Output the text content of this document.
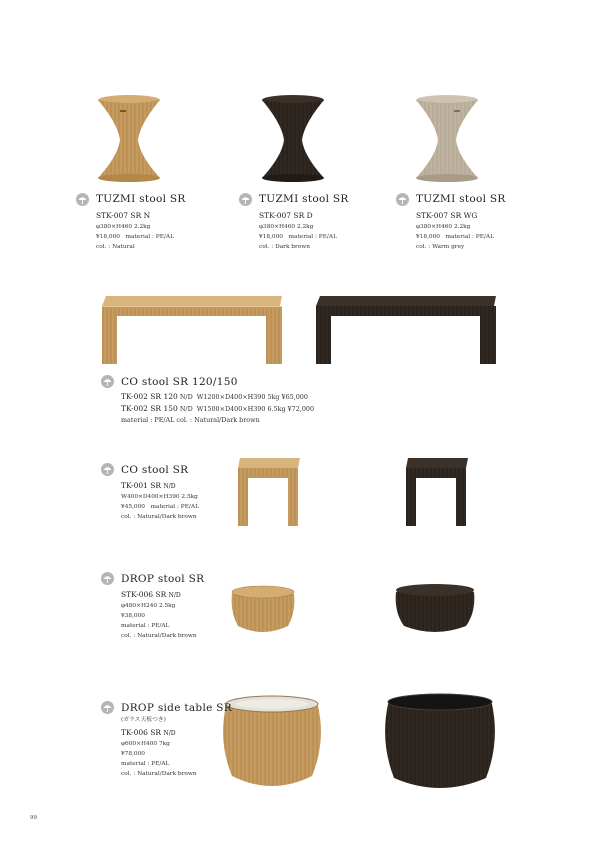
TUZMI stool SR
STK-007 SR N
φ380×H460 2.2kg
¥18,000 material : PE/AL
col. : Natural
TUZMI stool SR
STK-007 SR D
φ380×H460 2.2kg
¥18,000 material : PE/AL
col. : Dark brown
TUZMI stool SR
STK-007 SR WG
φ380×H460 2.2kg
¥18,000 material : PE/AL
col. : Warm grey
CO stool SR 120/150
TK-002 SR 120 N/D W1200×D400×H390 5kg ¥65,000
TK-002 SR 150 N/D W1500×D400×H390 6.5kg ¥72,000
material : PE/AL col. : Natural/Dark brown
CO stool SR
TK-001 SR N/D
W400×D400×H390 2.5kg
¥45,000 material : PE/AL
col. : Natural/Dark brown
DROP stool SR
STK-006 SR N/D
φ480×H240 2.5kg
¥38,000
material : PE/AL
col. : Natural/Dark brown
DROP side table SR
(ガラス天板つき)
TK-006 SR N/D
φ600×H400 7kg
¥78,000
material : PE/AL
col. : Natural/Dark brown
99
